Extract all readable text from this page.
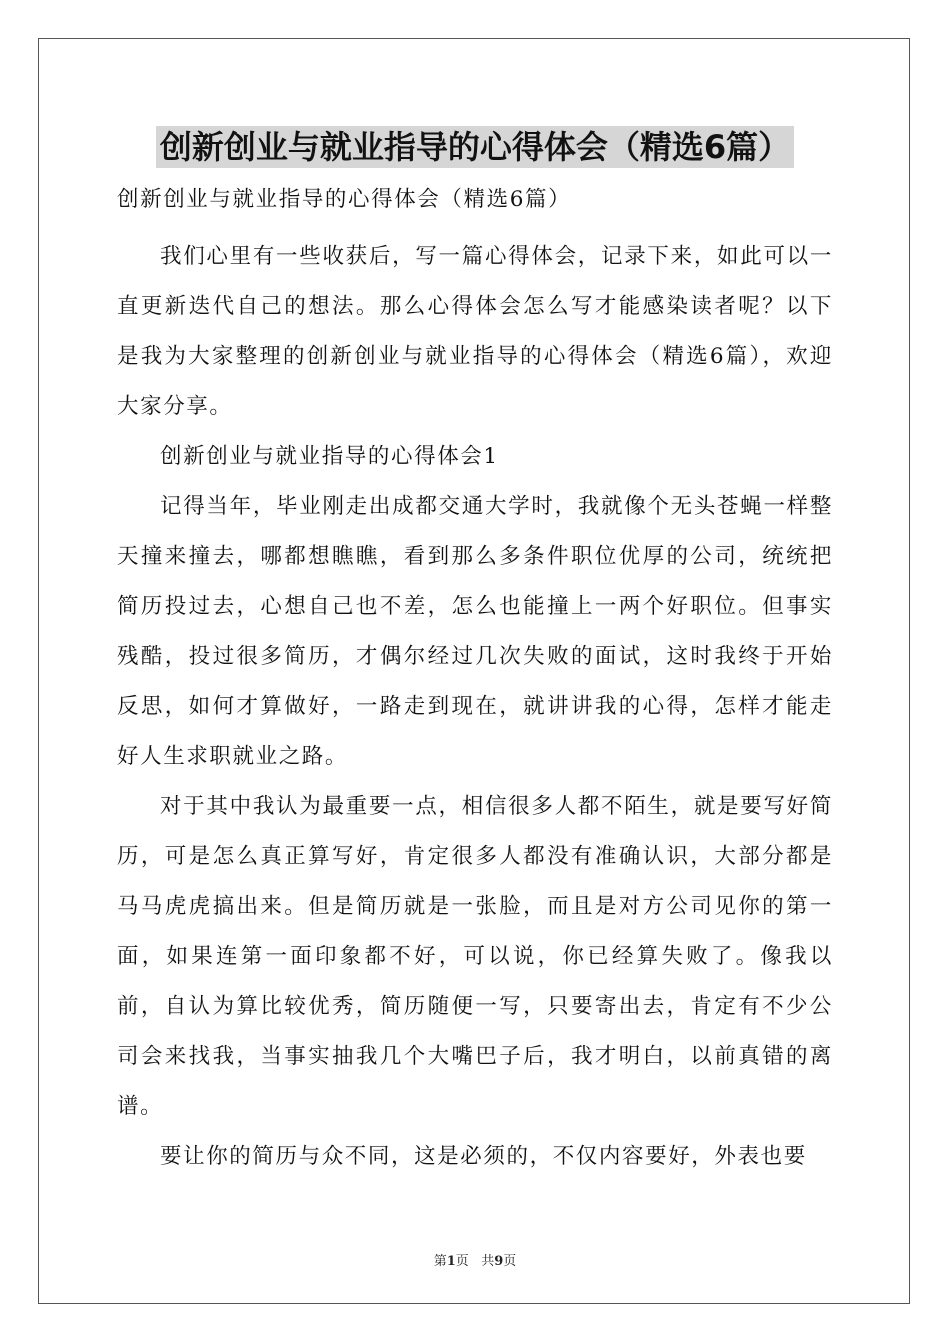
创新创业与就业指导的心得体会（精选6篇）

创新创业与就业指导的心得体会（精选6篇）

我们心里有一些收获后，写一篇心得体会，记录下来，如此可以一直更新迭代自己的想法。那么心得体会怎么写才能感染读者呢？以下是我为大家整理的创新创业与就业指导的心得体会（精选6篇），欢迎大家分享。

创新创业与就业指导的心得体会1

记得当年，毕业刚走出成都交通大学时，我就像个无头苍蝇一样整天撞来撞去，哪都想瞧瞧，看到那么多条件职位优厚的公司，统统把简历投过去，心想自己也不差，怎么也能撞上一两个好职位。但事实残酷，投过很多简历，才偶尔经过几次失败的面试，这时我终于开始反思，如何才算做好，一路走到现在，就讲讲我的心得，怎样才能走好人生求职就业之路。

对于其中我认为最重要一点，相信很多人都不陌生，就是要写好简历，可是怎么真正算写好，肯定很多人都没有准确认识，大部分都是马马虎虎搞出来。但是简历就是一张脸，而且是对方公司见你的第一面，如果连第一面印象都不好，可以说，你已经算失败了。像我以前，自认为算比较优秀，简历随便一写，只要寄出去，肯定有不少公司会来找我，当事实抽我几个大嘴巴子后，我才明白，以前真错的离谱。

要让你的简历与众不同，这是必须的，不仅内容要好，外表也要

第1页 共9页
